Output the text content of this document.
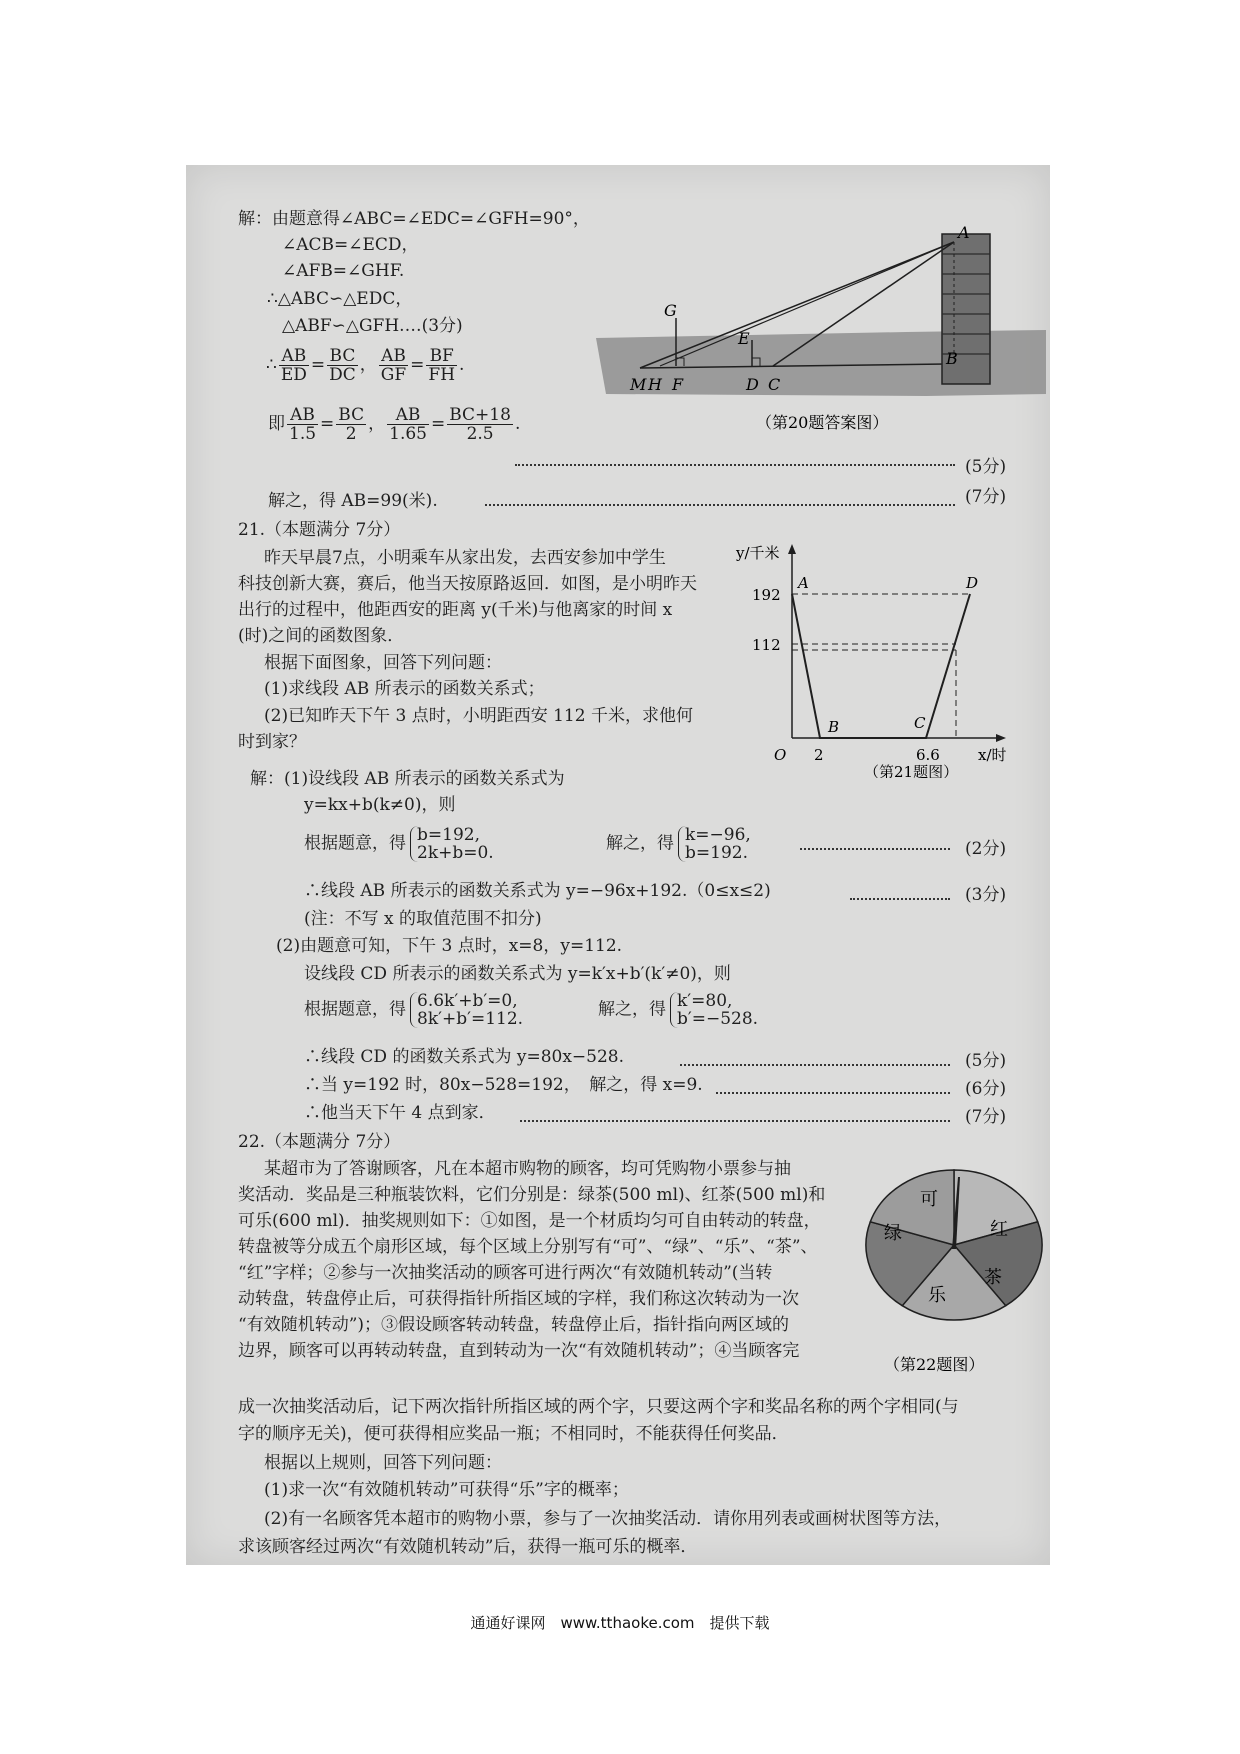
解：由题意得∠ABC=∠EDC=∠GFH=90°，
∠ACB=∠ECD，
∠AFB=∠GHF.
∴△ABC∽△EDC，
△ABF∽△GFH.…(3分)
∴ $\frac{AB}{ED} = \frac{BC}{DC}$ ， $\frac{AB}{GF} = \frac{BF}{FH}$ .
即 $\frac{AB}{1.5} = \frac{BC}{2}$ ， $\frac{AB}{1.65} = \frac{BC+18}{2.5}$ .
(5分)
解之，得 AB=99(米).	(7分)
A
G
E
M H F	D C
B
（第20题答案图）
21.（本题满分 7分）
昨天早晨7点，小明乘车从家出发，去西安参加中学生
科技创新大赛，赛后，他当天按原路返回．如图，是小明昨天
出行的过程中，他距西安的距离 y(千米)与他离家的时间 x
(时)之间的函数图象．
根据下面图象，回答下列问题：
(1)求线段 AB 所表示的函数关系式；
(2)已知昨天下午 3 点时，小明距西安 112 千米，求他何
时到家？
y/千米
x/时
O
192
112
2	6.6
A
B	C
D
（第21题图）
解：(1)设线段 AB 所表示的函数关系式为
y=kx+b(k≠0)，则
根据题意，得 b=192,
2k+b=0.	解之，得 k=−96,
b=192.	(2分)
∴线段 AB 所表示的函数关系式为 y=−96x+192.（0≤x≤2)	(3分)
(注：不写 x 的取值范围不扣分)
(2)由题意可知，下午 3 点时，x=8，y=112.
设线段 CD 所表示的函数关系式为 y=k′x+b′(k′≠0)，则
根据题意，得 6.6k′+b′=0,
8k′+b′=112.	解之，得 k′=80,
b′=−528.
∴线段 CD 的函数关系式为 y=80x−528.	(5分)
∴当 y=192 时，80x−528=192，　解之，得 x=9.	(6分)
∴他当天下午 4 点到家．	(7分)
22.（本题满分 7分）
某超市为了答谢顾客，凡在本超市购物的顾客，均可凭购物小票参与抽
奖活动．奖品是三种瓶装饮料，它们分别是：绿茶(500 ml)、红茶(500 ml)和
可乐(600 ml)．抽奖规则如下：①如图，是一个材质均匀可自由转动的转盘，
转盘被等分成五个扇形区域，每个区域上分别写有“可”、“绿”、“乐”、“茶”、
“红”字样；②参与一次抽奖活动的顾客可进行两次“有效随机转动”(当转
动转盘，转盘停止后，可获得指针所指区域的字样，我们称这次转动为一次
“有效随机转动”)；③假设顾客转动转盘，转盘停止后，指针指向两区域的
边界，顾客可以再转动转盘，直到转动为一次“有效随机转动”；④当顾客完
成一次抽奖活动后，记下两次指针所指区域的两个字，只要这两个字和奖品名称的两个字相同(与
字的顺序无关)，便可获得相应奖品一瓶；不相同时，不能获得任何奖品．
根据以上规则，回答下列问题：
(1)求一次“有效随机转动”可获得“乐”字的概率；
(2)有一名顾客凭本超市的购物小票，参与了一次抽奖活动．请你用列表或画树状图等方法，
求该顾客经过两次“有效随机转动”后，获得一瓶可乐的概率．
可
红
茶
乐
绿
（第22题图）
通通好课网　www.tthaoke.com　提供下载
